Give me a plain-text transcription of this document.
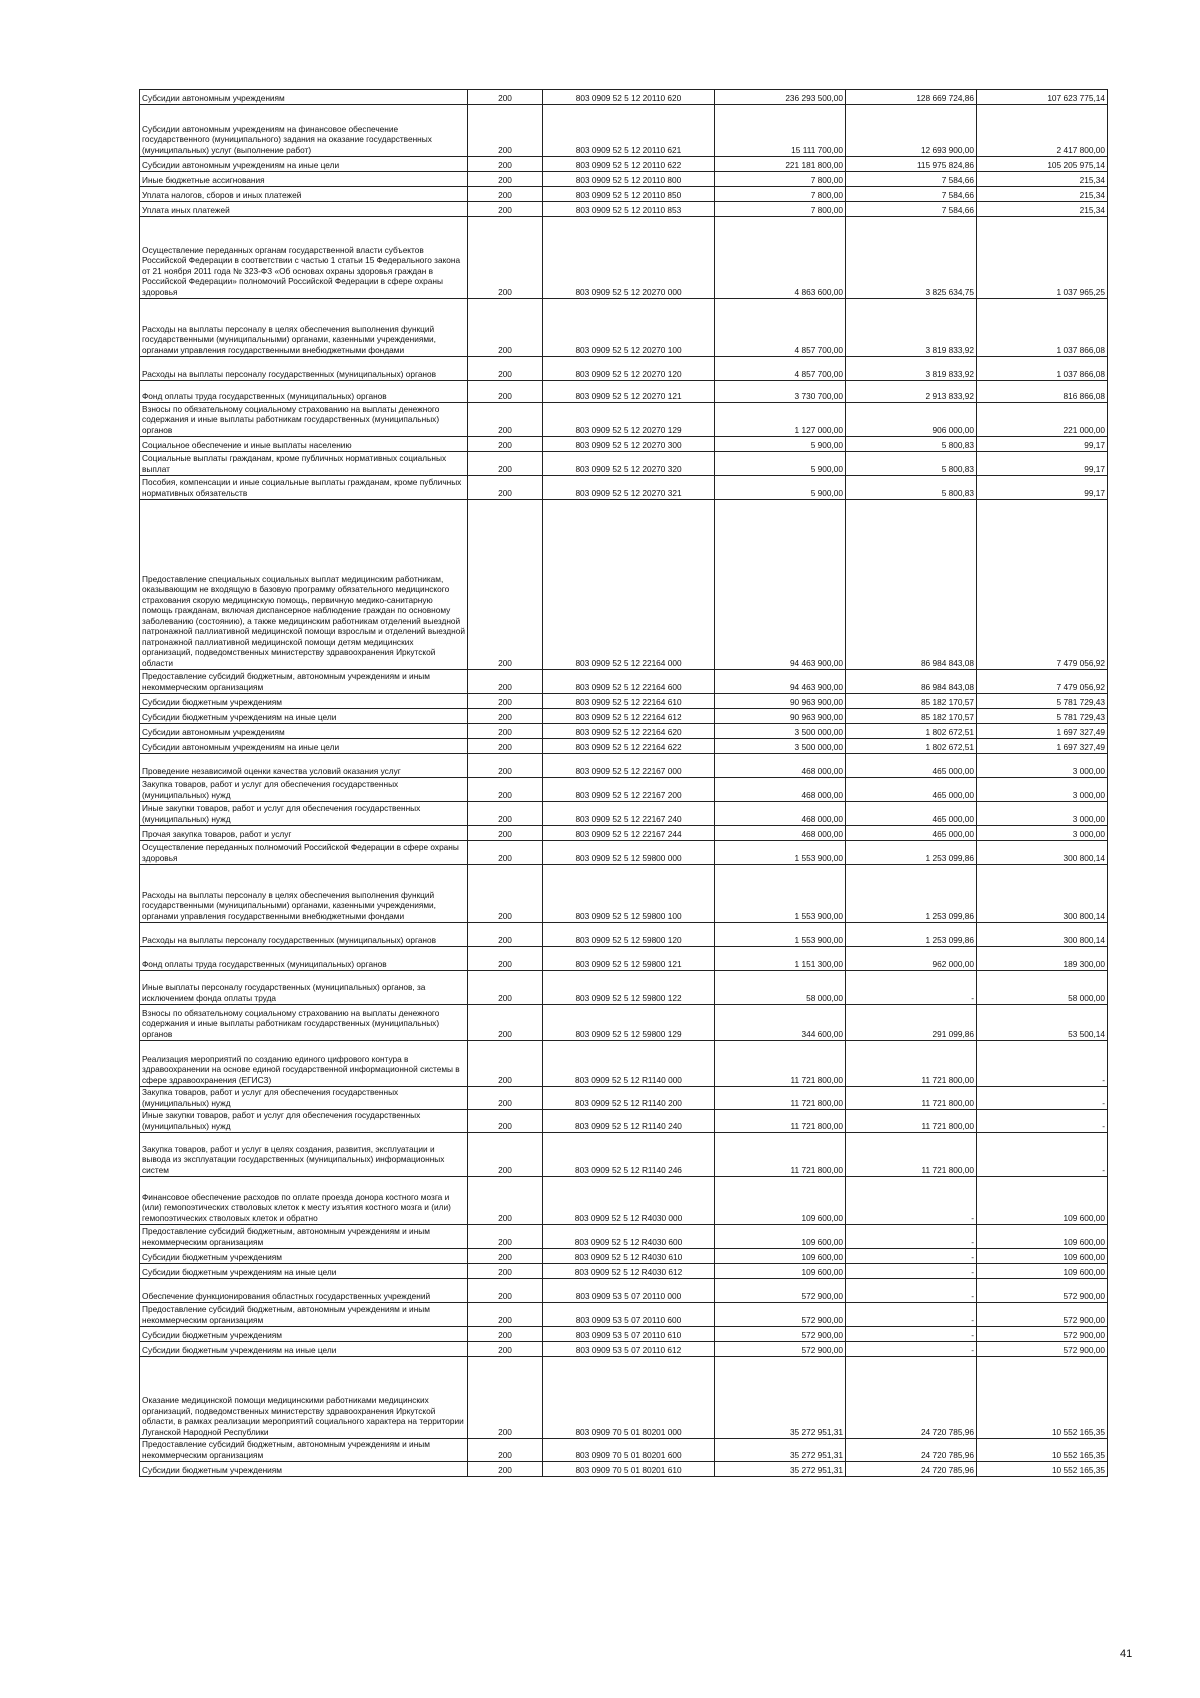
Субсидии автономным учреждениям	200	803 0909 52 5 12 20110 620	236 293 500,00	128 669 724,86	107 623 775,14
Субсидии автономным учреждениям на финансовое обеспечение государственного (муниципального) задания на оказание государственных (муниципальных) услуг (выполнение работ)	200	803 0909 52 5 12 20110 621	15 111 700,00	12 693 900,00	2 417 800,00
Субсидии автономным учреждениям на иные цели	200	803 0909 52 5 12 20110 622	221 181 800,00	115 975 824,86	105 205 975,14
Иные бюджетные ассигнования	200	803 0909 52 5 12 20110 800	7 800,00	7 584,66	215,34
Уплата налогов, сборов и иных платежей	200	803 0909 52 5 12 20110 850	7 800,00	7 584,66	215,34
Уплата иных платежей	200	803 0909 52 5 12 20110 853	7 800,00	7 584,66	215,34
Осуществление переданных органам государственной власти субъектов Российской Федерации в соответствии с частью 1 статьи 15 Федерального закона от 21 ноября 2011 года № 323-ФЗ «Об основах охраны здоровья граждан в Российской Федерации» полномочий Российской Федерации в сфере охраны здоровья	200	803 0909 52 5 12 20270 000	4 863 600,00	3 825 634,75	1 037 965,25
Расходы на выплаты персоналу в целях обеспечения выполнения функций государственными (муниципальными) органами, казенными учреждениями, органами управления государственными внебюджетными фондами	200	803 0909 52 5 12 20270 100	4 857 700,00	3 819 833,92	1 037 866,08
Расходы на выплаты персоналу государственных (муниципальных) органов	200	803 0909 52 5 12 20270 120	4 857 700,00	3 819 833,92	1 037 866,08
Фонд оплаты труда государственных (муниципальных) органов	200	803 0909 52 5 12 20270 121	3 730 700,00	2 913 833,92	816 866,08
Взносы по обязательному социальному страхованию на выплаты денежного содержания и иные выплаты работникам государственных (муниципальных) органов	200	803 0909 52 5 12 20270 129	1 127 000,00	906 000,00	221 000,00
Социальное обеспечение и иные выплаты населению	200	803 0909 52 5 12 20270 300	5 900,00	5 800,83	99,17
Социальные выплаты гражданам, кроме публичных нормативных социальных выплат	200	803 0909 52 5 12 20270 320	5 900,00	5 800,83	99,17
Пособия, компенсации и иные социальные выплаты гражданам, кроме публичных нормативных обязательств	200	803 0909 52 5 12 20270 321	5 900,00	5 800,83	99,17
Предоставление специальных социальных выплат медицинским работникам, оказывающим не входящую в базовую программу обязательного медицинского страхования скорую медицинскую помощь, первичную медико-санитарную помощь гражданам, включая диспансерное наблюдение граждан по основному заболеванию (состоянию), а также медицинским работникам отделений выездной патронажной паллиативной медицинской помощи взрослым и отделений выездной патронажной паллиативной медицинской помощи детям медицинских организаций, подведомственных министерству здравоохранения Иркутской области	200	803 0909 52 5 12 22164 000	94 463 900,00	86 984 843,08	7 479 056,92
Предоставление субсидий бюджетным, автономным учреждениям и иным некоммерческим организациям	200	803 0909 52 5 12 22164 600	94 463 900,00	86 984 843,08	7 479 056,92
Субсидии бюджетным учреждениям	200	803 0909 52 5 12 22164 610	90 963 900,00	85 182 170,57	5 781 729,43
Субсидии бюджетным учреждениям на иные цели	200	803 0909 52 5 12 22164 612	90 963 900,00	85 182 170,57	5 781 729,43
Субсидии автономным учреждениям	200	803 0909 52 5 12 22164 620	3 500 000,00	1 802 672,51	1 697 327,49
Субсидии автономным учреждениям на иные цели	200	803 0909 52 5 12 22164 622	3 500 000,00	1 802 672,51	1 697 327,49
Проведение независимой оценки качества условий оказания услуг	200	803 0909 52 5 12 22167 000	468 000,00	465 000,00	3 000,00
Закупка товаров, работ и услуг для обеспечения государственных (муниципальных) нужд	200	803 0909 52 5 12 22167 200	468 000,00	465 000,00	3 000,00
Иные закупки товаров, работ и услуг для обеспечения государственных (муниципальных) нужд	200	803 0909 52 5 12 22167 240	468 000,00	465 000,00	3 000,00
Прочая закупка товаров, работ и услуг	200	803 0909 52 5 12 22167 244	468 000,00	465 000,00	3 000,00
Осуществление переданных полномочий Российской Федерации в сфере охраны здоровья	200	803 0909 52 5 12 59800 000	1 553 900,00	1 253 099,86	300 800,14
Расходы на выплаты персоналу в целях обеспечения выполнения функций государственными (муниципальными) органами, казенными учреждениями, органами управления государственными внебюджетными фондами	200	803 0909 52 5 12 59800 100	1 553 900,00	1 253 099,86	300 800,14
Расходы на выплаты персоналу государственных (муниципальных) органов	200	803 0909 52 5 12 59800 120	1 553 900,00	1 253 099,86	300 800,14
Фонд оплаты труда государственных (муниципальных) органов	200	803 0909 52 5 12 59800 121	1 151 300,00	962 000,00	189 300,00
Иные выплаты персоналу государственных (муниципальных) органов, за исключением фонда оплаты труда	200	803 0909 52 5 12 59800 122	58 000,00	-	58 000,00
Взносы по обязательному социальному страхованию на выплаты денежного содержания и иные выплаты работникам государственных (муниципальных) органов	200	803 0909 52 5 12 59800 129	344 600,00	291 099,86	53 500,14
Реализация мероприятий по созданию единого цифрового контура в здравоохранении на основе единой государственной информационной системы в сфере здравоохранения (ЕГИСЗ)	200	803 0909 52 5 12 R1140 000	11 721 800,00	11 721 800,00	-
Закупка товаров, работ и услуг для обеспечения государственных (муниципальных) нужд	200	803 0909 52 5 12 R1140 200	11 721 800,00	11 721 800,00	-
Иные закупки товаров, работ и услуг для обеспечения государственных (муниципальных) нужд	200	803 0909 52 5 12 R1140 240	11 721 800,00	11 721 800,00	-
Закупка товаров, работ и услуг в целях создания, развития, эксплуатации и вывода из эксплуатации государственных (муниципальных) информационных систем	200	803 0909 52 5 12 R1140 246	11 721 800,00	11 721 800,00	-
Финансовое обеспечение расходов по оплате проезда донора костного мозга и (или) гемопоэтических стволовых клеток к месту изъятия костного мозга и (или) гемопоэтических стволовых клеток и обратно	200	803 0909 52 5 12 R4030 000	109 600,00	-	109 600,00
Предоставление субсидий бюджетным, автономным учреждениям и иным некоммерческим организациям	200	803 0909 52 5 12 R4030 600	109 600,00	-	109 600,00
Субсидии бюджетным учреждениям	200	803 0909 52 5 12 R4030 610	109 600,00	-	109 600,00
Субсидии бюджетным учреждениям на иные цели	200	803 0909 52 5 12 R4030 612	109 600,00	-	109 600,00
Обеспечение функционирования областных государственных учреждений	200	803 0909 53 5 07 20110 000	572 900,00	-	572 900,00
Предоставление субсидий бюджетным, автономным учреждениям и иным некоммерческим организациям	200	803 0909 53 5 07 20110 600	572 900,00	-	572 900,00
Субсидии бюджетным учреждениям	200	803 0909 53 5 07 20110 610	572 900,00	-	572 900,00
Субсидии бюджетным учреждениям на иные цели	200	803 0909 53 5 07 20110 612	572 900,00	-	572 900,00
Оказание медицинской помощи медицинскими работниками медицинских организаций, подведомственных министерству здравоохранения Иркутской области, в рамках реализации мероприятий социального характера на территории Луганской Народной Республики	200	803 0909 70 5 01 80201 000	35 272 951,31	24 720 785,96	10 552 165,35
Предоставление субсидий бюджетным, автономным учреждениям и иным некоммерческим организациям	200	803 0909 70 5 01 80201 600	35 272 951,31	24 720 785,96	10 552 165,35
Субсидии бюджетным учреждениям	200	803 0909 70 5 01 80201 610	35 272 951,31	24 720 785,96	10 552 165,35
41
